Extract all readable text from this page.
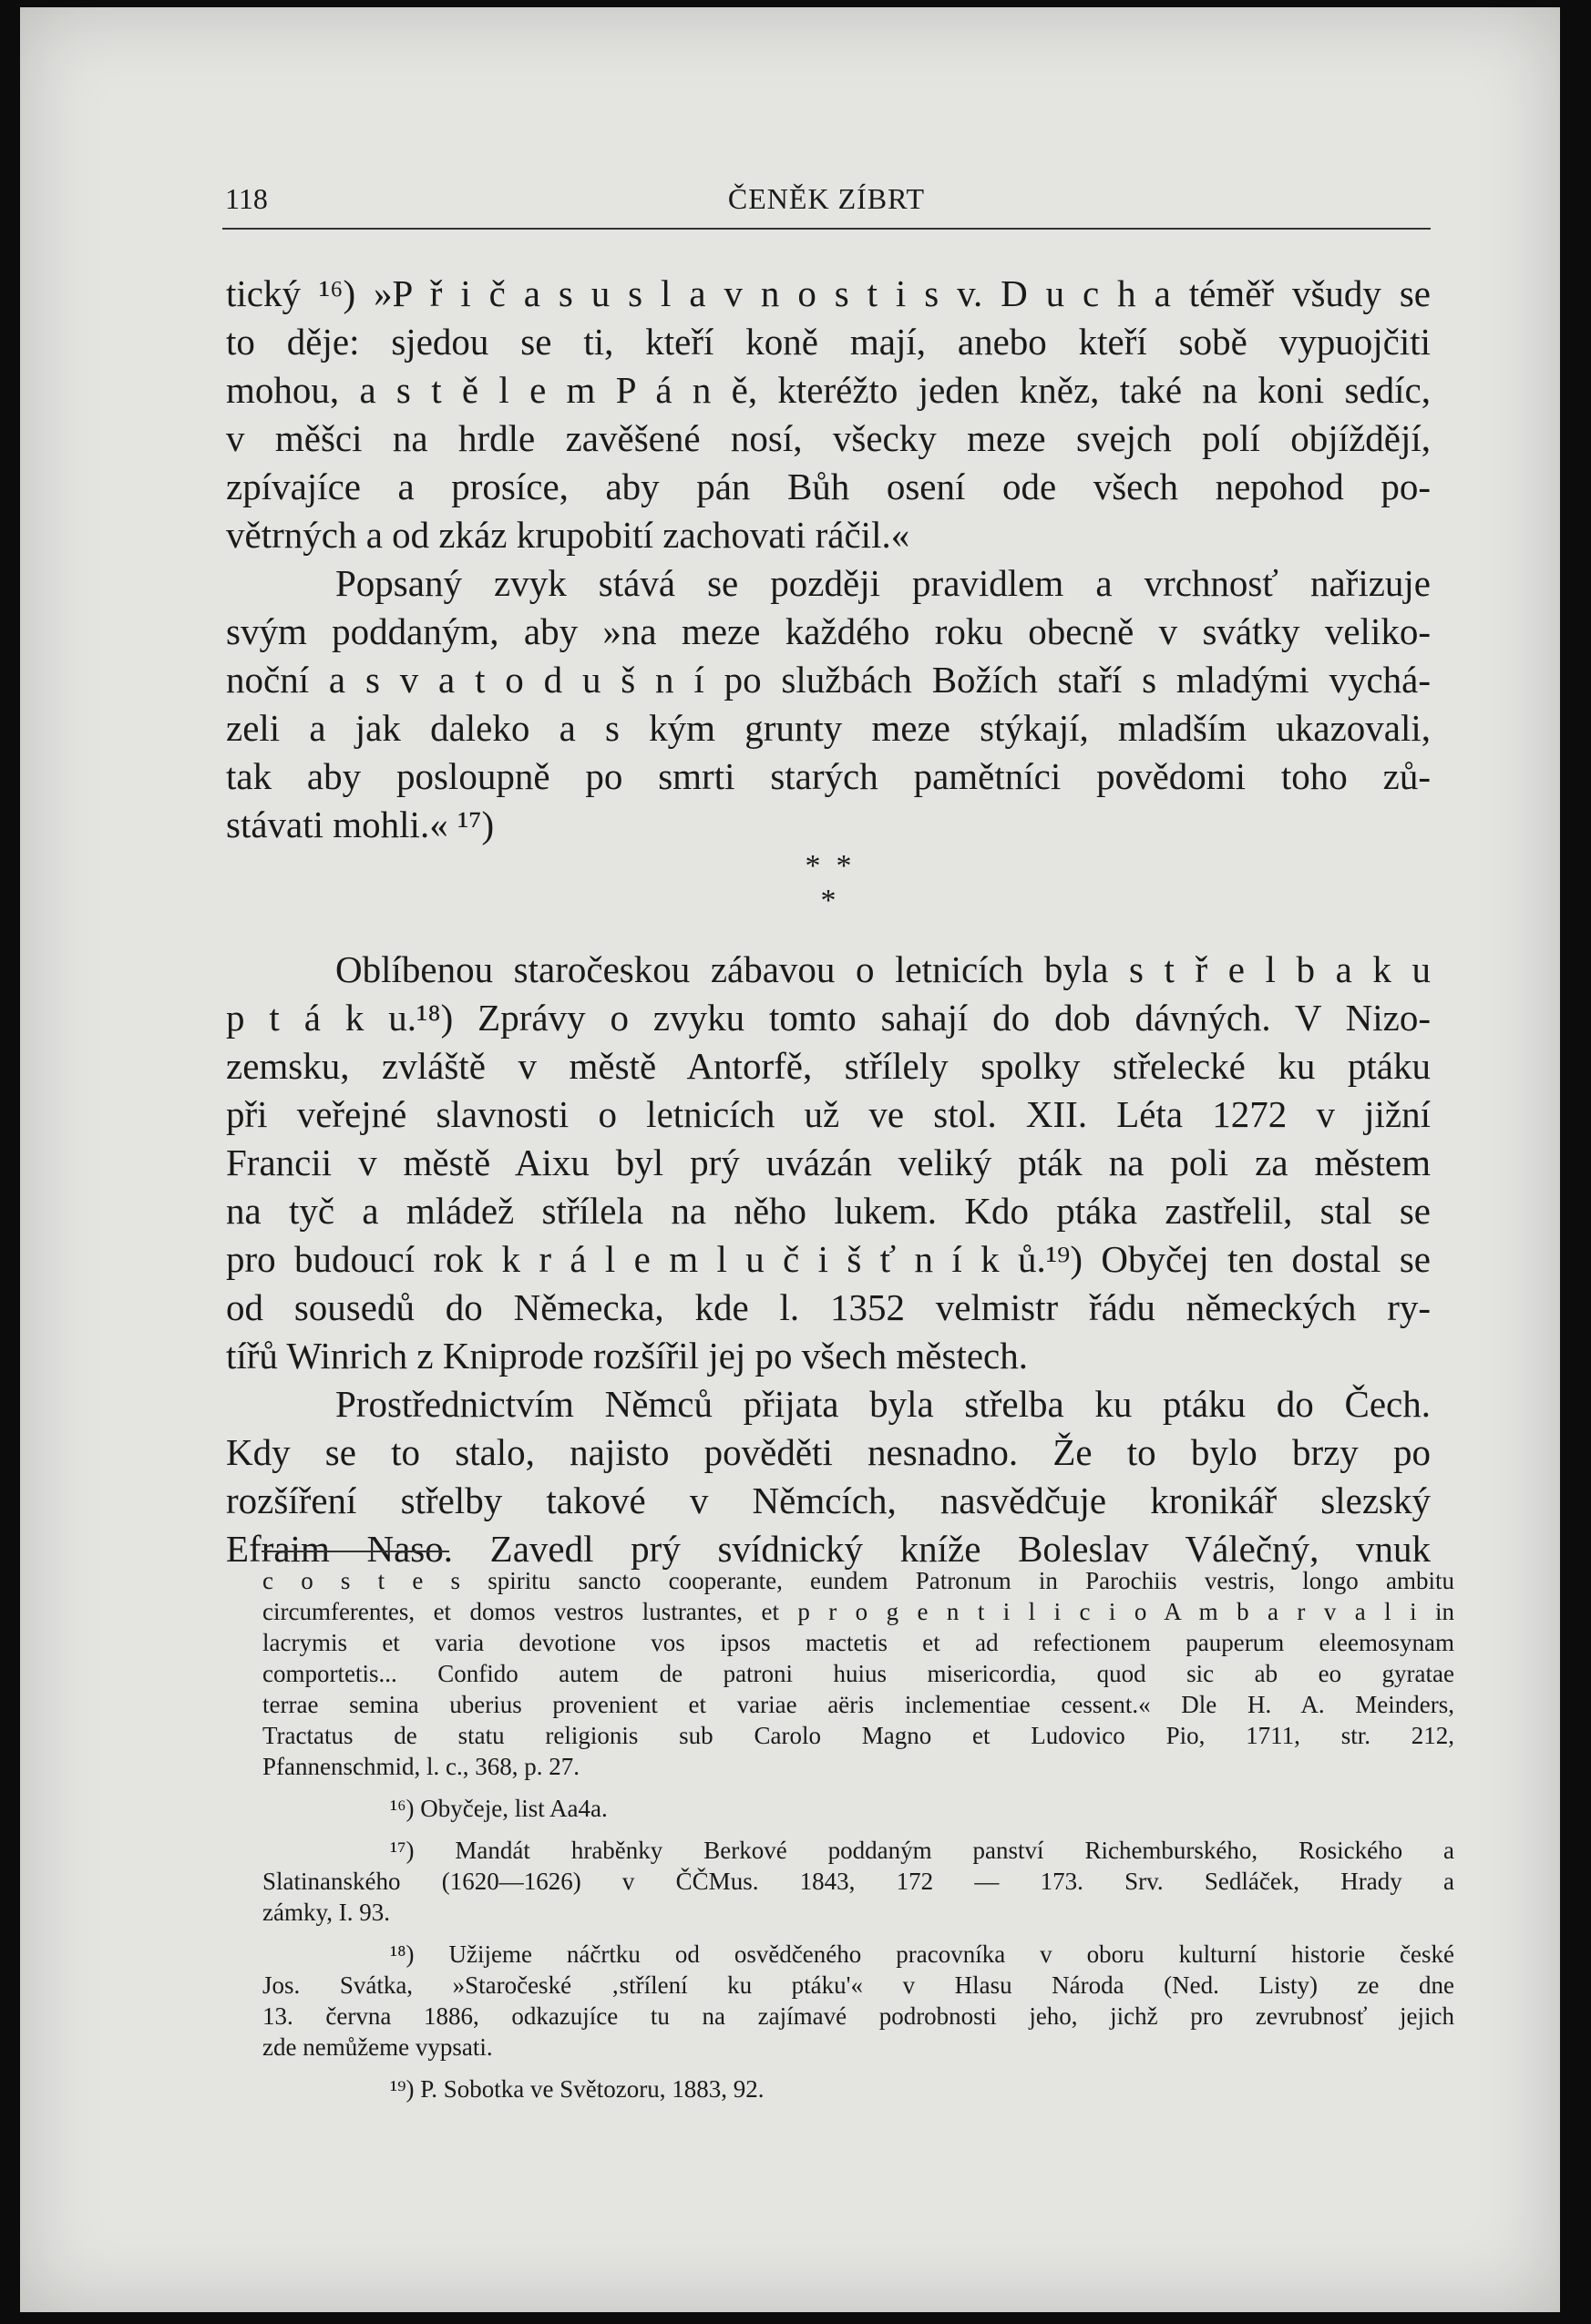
118	ČENĚK ZÍBRT
tický ¹⁶) »P ř i č a s u s l a v n o s t i s v. D u c h a téměř všudy se
to děje: sjedou se ti, kteří koně mají, anebo kteří sobě vypuojčiti
mohou, a s t ě l e m P á n ě, kteréžto jeden kněz, také na koni sedíc,
v měšci na hrdle zavěšené nosí, všecky meze svejch polí objíždějí,
zpívajíce a prosíce, aby pán Bůh osení ode všech nepohod po-
větrných a od zkáz krupobití zachovati ráčil.«
Popsaný zvyk stává se později pravidlem a vrchnosť nařizuje
svým poddaným, aby »na meze každého roku obecně v svátky veliko-
noční a s v a t o d u š n í po službách Božích staří s mladými vychá-
zeli a jak daleko a s kým grunty meze stýkají, mladším ukazovali,
tak aby posloupně po smrti starých pamětníci povědomi toho zů-
stávati mohli.« ¹⁷)
*  *
*
Oblíbenou staročeskou zábavou o letnicích byla s t ř e l b a k u
p t á k u.¹⁸) Zprávy o zvyku tomto sahají do dob dávných. V Nizo-
zemsku, zvláště v městě Antorfě, střílely spolky střelecké ku ptáku
při veřejné slavnosti o letnicích už ve stol. XII. Léta 1272 v jižní
Francii v městě Aixu byl prý uvázán veliký pták na poli za městem
na tyč a mládež střílela na něho lukem. Kdo ptáka zastřelil, stal se
pro budoucí rok k r á l e m l u č i š ť n í k ů.¹⁹) Obyčej ten dostal se
od sousedů do Německa, kde l. 1352 velmistr řádu německých ry-
tířů Winrich z Kniprode rozšířil jej po všech městech.
Prostřednictvím Němců přijata byla střelba ku ptáku do Čech.
Kdy se to stalo, najisto pověděti nesnadno. Že to bylo brzy po
rozšíření střelby takové v Němcích, nasvědčuje kronikář slezský
Efraim Naso. Zavedl prý svídnický kníže Boleslav Válečný, vnuk
c o s t e s spiritu sancto cooperante, eundem Patronum in Parochiis vestris, longo ambitu
circumferentes, et domos vestros lustrantes, et p r o g e n t i l i c i o A m b a r v a l i in
lacrymis et varia devotione vos ipsos mactetis et ad refectionem pauperum eleemosynam
comportetis... Confido autem de patroni huius misericordia, quod sic ab eo gyratae
terrae semina uberius provenient et variae aëris inclementiae cessent.« Dle H. A. Meinders,
Tractatus de statu religionis sub Carolo Magno et Ludovico Pio, 1711, str. 212,
Pfannenschmid, l. c., 368, p. 27.
¹⁶) Obyčeje, list Aa4a.
¹⁷) Mandát hraběnky Berkové poddaným panství Richemburského, Rosického a
Slatinanského (1620—1626) v ČČMus. 1843, 172 — 173. Srv. Sedláček, Hrady a
zámky, I. 93.
¹⁸) Užijeme náčrtku od osvědčeného pracovníka v oboru kulturní historie české
Jos. Svátka, »Staročeské ‚střílení ku ptáku'« v Hlasu Národa (Ned. Listy) ze dne
13. června 1886, odkazujíce tu na zajímavé podrobnosti jeho, jichž pro zevrubnosť jejich
zde nemůžeme vypsati.
¹⁹) P. Sobotka ve Světozoru, 1883, 92.
